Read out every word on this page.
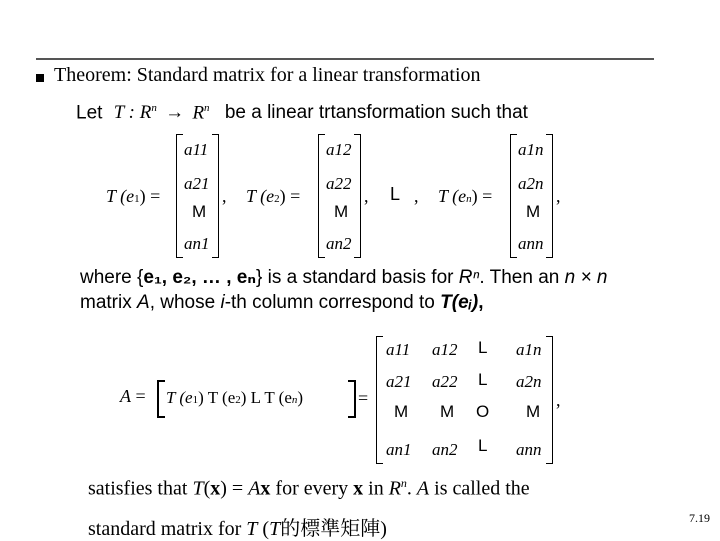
Theorem: Standard matrix for a linear transformation
Let T : $R^n \to R^n$ be a linear trtansformation such that
T (e1) =
a11
a21
M
an1
, T (e2) =
a12
a22
M
an2
, L , T (en) =
a1n
a2n
M
ann
,
where {e₁, e₂, … , eₙ} is a standard basis for Rⁿ. Then an n × n
matrix A, whose i-th column correspond to T(eᵢ),
A = T (e1) T (e2) L T (en)	=
a11 a12 L a1n
a21 a22 L a2n
M M O M
an1 an2 L ann
,
satisfies that T(x) = Ax for every x in $R^n$. A is called the
standard matrix for T (T的標準矩陣)	7.19
